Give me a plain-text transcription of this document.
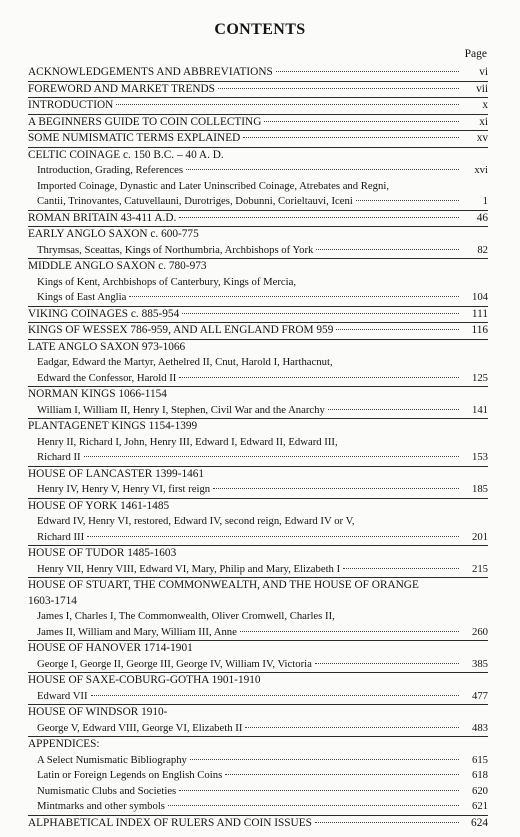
CONTENTS
Page
ACKNOWLEDGEMENTS AND ABBREVIATIONS	vi
FOREWORD AND MARKET TRENDS	vii
INTRODUCTION	x
A BEGINNERS GUIDE TO COIN COLLECTING	xi
SOME NUMISMATIC TERMS EXPLAINED	xv
CELTIC COINAGE c. 150 B.C. – 40 A. D.
Introduction, Grading, References	xvi
Imported Coinage, Dynastic and Later Uninscribed Coinage, Atrebates and Regni,
Cantii, Trinovantes, Catuvellauni, Durotriges, Dobunni, Corieltauvi, Iceni	1
ROMAN BRITAIN 43-411 A.D.	46
EARLY ANGLO SAXON c. 600-775
Thrymsas, Sceattas, Kings of Northumbria, Archbishops of York	82
MIDDLE ANGLO SAXON c. 780-973
Kings of Kent, Archbishops of Canterbury, Kings of Mercia,
Kings of East Anglia	104
VIKING COINAGES c. 885-954	111
KINGS OF WESSEX 786-959, AND ALL ENGLAND FROM 959	116
LATE ANGLO SAXON 973-1066
Eadgar, Edward the Martyr, Aethelred II, Cnut, Harold I, Harthacnut,
Edward the Confessor, Harold II	125
NORMAN KINGS 1066-1154
William I, William II, Henry I, Stephen, Civil War and the Anarchy	141
PLANTAGENET KINGS 1154-1399
Henry II, Richard I, John, Henry III, Edward I, Edward II, Edward III,
Richard II	153
HOUSE OF LANCASTER 1399-1461
Henry IV, Henry V, Henry VI, first reign	185
HOUSE OF YORK 1461-1485
Edward IV, Henry VI, restored, Edward IV, second reign, Edward IV or V,
Richard III	201
HOUSE OF TUDOR 1485-1603
Henry VII, Henry VIII, Edward VI, Mary, Philip and Mary, Elizabeth I	215
HOUSE OF STUART, THE COMMONWEALTH, AND THE HOUSE OF ORANGE
1603-1714
James I, Charles I, The Commonwealth, Oliver Cromwell, Charles II,
James II, William and Mary, William III, Anne	260
HOUSE OF HANOVER 1714-1901
George I, George II, George III, George IV, William IV, Victoria	385
HOUSE OF SAXE-COBURG-GOTHA 1901-1910
Edward VII	477
HOUSE OF WINDSOR 1910-
George V, Edward VIII, George VI, Elizabeth II	483
APPENDICES:
A Select Numismatic Bibliography	615
Latin or Foreign Legends on English Coins	618
Numismatic Clubs and Societies	620
Mintmarks and other symbols	621
ALPHABETICAL INDEX OF RULERS AND COIN ISSUES	624
